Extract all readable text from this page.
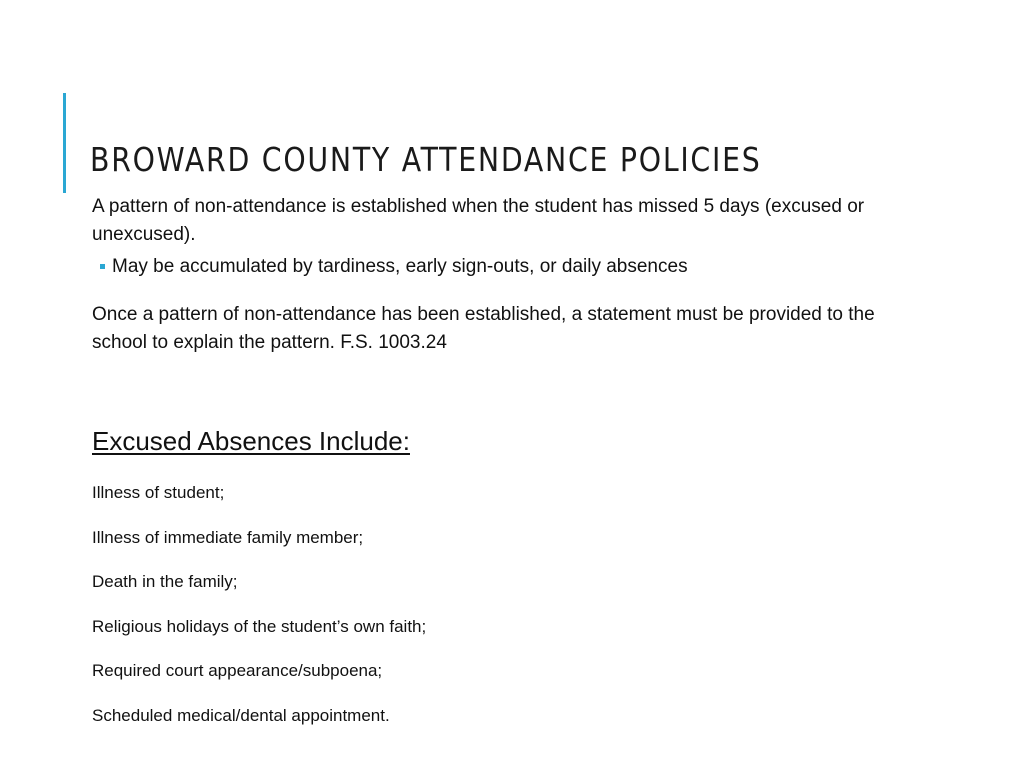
BROWARD COUNTY ATTENDANCE POLICIES

A pattern of non-attendance is established when the student has missed 5 days (excused or unexcused).

May be accumulated by tardiness, early sign-outs, or daily absences

Once a pattern of non-attendance has been established, a statement must be provided to the school to explain the pattern. F.S. 1003.24

Excused Absences Include:
Illness of student;
Illness of immediate family member;
Death in the family;
Religious holidays of the student’s own faith;
Required court appearance/subpoena;
Scheduled medical/dental appointment.
